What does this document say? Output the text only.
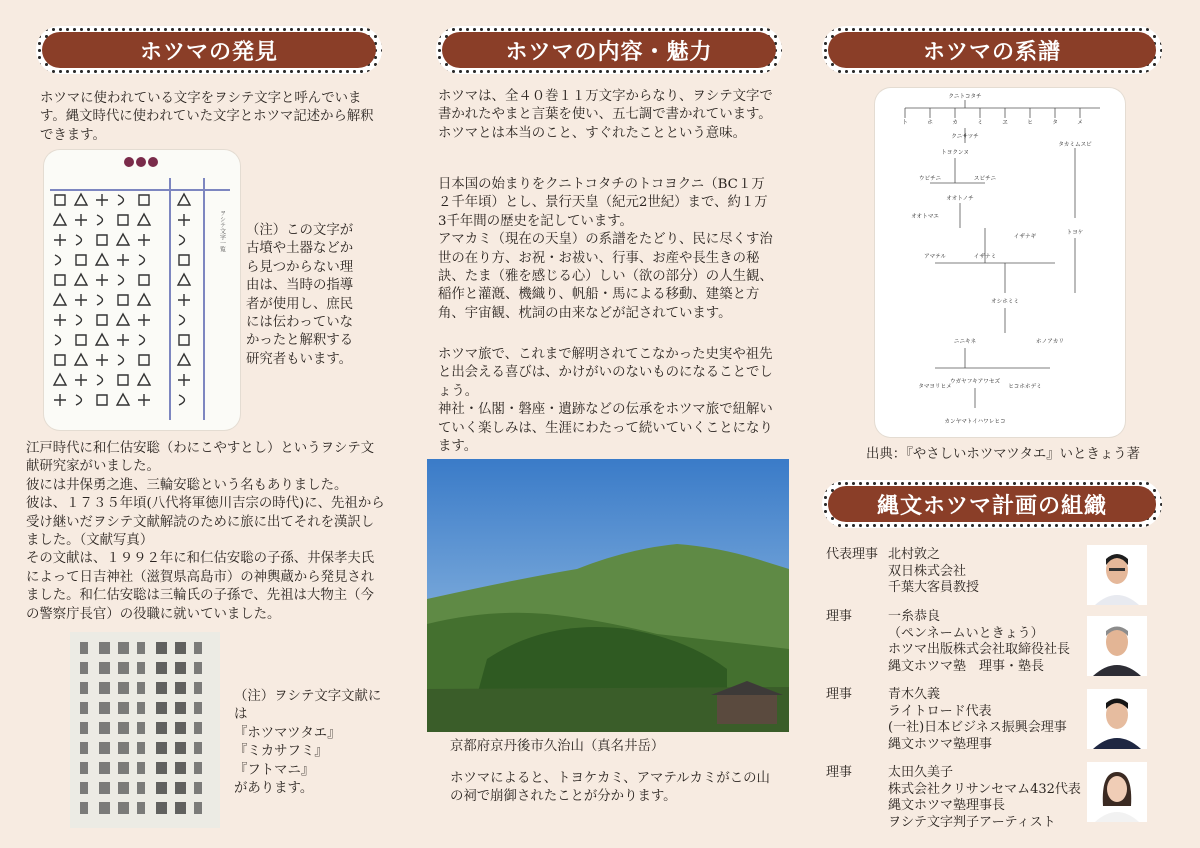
ホツマの発見
ホツマに使われている文字をヲシテ文字と呼んでいます。縄文時代に使われていた文字とホツマ記述から解釈できます。
ヲシテ文字一覧 （注）この文字が古墳や土器などから見つからない理由は、当時の指導者が使用し、庶民には伝わっていなかったと解釈する研究者もいます。
江戸時代に和仁估安聡（わにこやすとし）というヲシテ文献研究家がいました。
彼には井保勇之進、三輪安聡という名もありました。
彼は、１７３５年頃(八代将軍徳川吉宗の時代)に、先祖から受け継いだヲシテ文献解読のために旅に出てそれを漢訳しました。（文献写真）
その文献は、１９９２年に和仁估安聡の子孫、井保孝夫氏によって日吉神社（滋賀県高島市）の神輿蔵から発見されました。和仁估安聡は三輪氏の子孫で、先祖は大物主（今の警察庁長官）の役職に就いていました。
（注）ヲシテ文字文献には
『ホツマツタエ』
『ミカサフミ』
『フトマニ』
があります。
ホツマの内容・魅力
ホツマは、全４０巻１１万文字からなり、ヲシテ文字で書かれたやまと言葉を使い、五七調で書かれています。ホツマとは本当のこと、すぐれたことという意味。
日本国の始まりをクニトコタチのトコヨクニ（BC１万２千年頃）とし、景行天皇（紀元2世紀）まで、約１万3千年間の歴史を記しています。
アマカミ（現在の天皇）の系譜をたどり、民に尽くす治世の在り方、お祝・お祓い、行事、お産や長生きの秘訣、たま（雅を感じる心）しい（欲の部分）の人生観、稲作と灌漑、機織り、帆船・馬による移動、建築と方角、宇宙観、枕詞の由来などが記されています。
ホツマ旅で、これまで解明されてこなかった史実や祖先と出会える喜びは、かけがいのないものになることでしょう。
神社・仏閣・磐座・遺跡などの伝承をホツマ旅で紐解いていく楽しみは、生涯にわたって続いていくことになります。
京都府京丹後市久治山（真名井岳）
ホツマによると、トヨケカミ、アマテルカミがこの山の祠で崩御されたことが分かります。
ホツマの系譜
クニトコタチ
ト	ホ	カ	ミ	ヱ	ヒ	タ	メ
クニサツチ
トヨクンヌ
ウビチニ	スビチニ
オオトノチ
オオトマエ
イザナギ
イザナミ
アマテル
タカミムスビ
トヨケ
オシホミミ
ニニキネ	ホノアカリ
ウガヤフキアワセズ
カンヤマトイハワレヒコ
タマヨリヒメ	ヒコホホデミ
出典：『やさしいホツマツタエ』いときょう著
縄文ホツマ計画の組織
代表理事 北村敦之
双日株式会社
千葉大客員教授
理事	一糸恭良
（ペンネームいときょう）
ホツマ出版株式会社取締役社長
縄文ホツマ塾　理事・塾長
理事	青木久義
ライトロード代表
(一社)日本ビジネス振興会理事
縄文ホツマ塾理事
理事	太田久美子
株式会社クリサンセマム432代表
縄文ホツマ塾理事長
ヲシテ文字判子アーティスト
